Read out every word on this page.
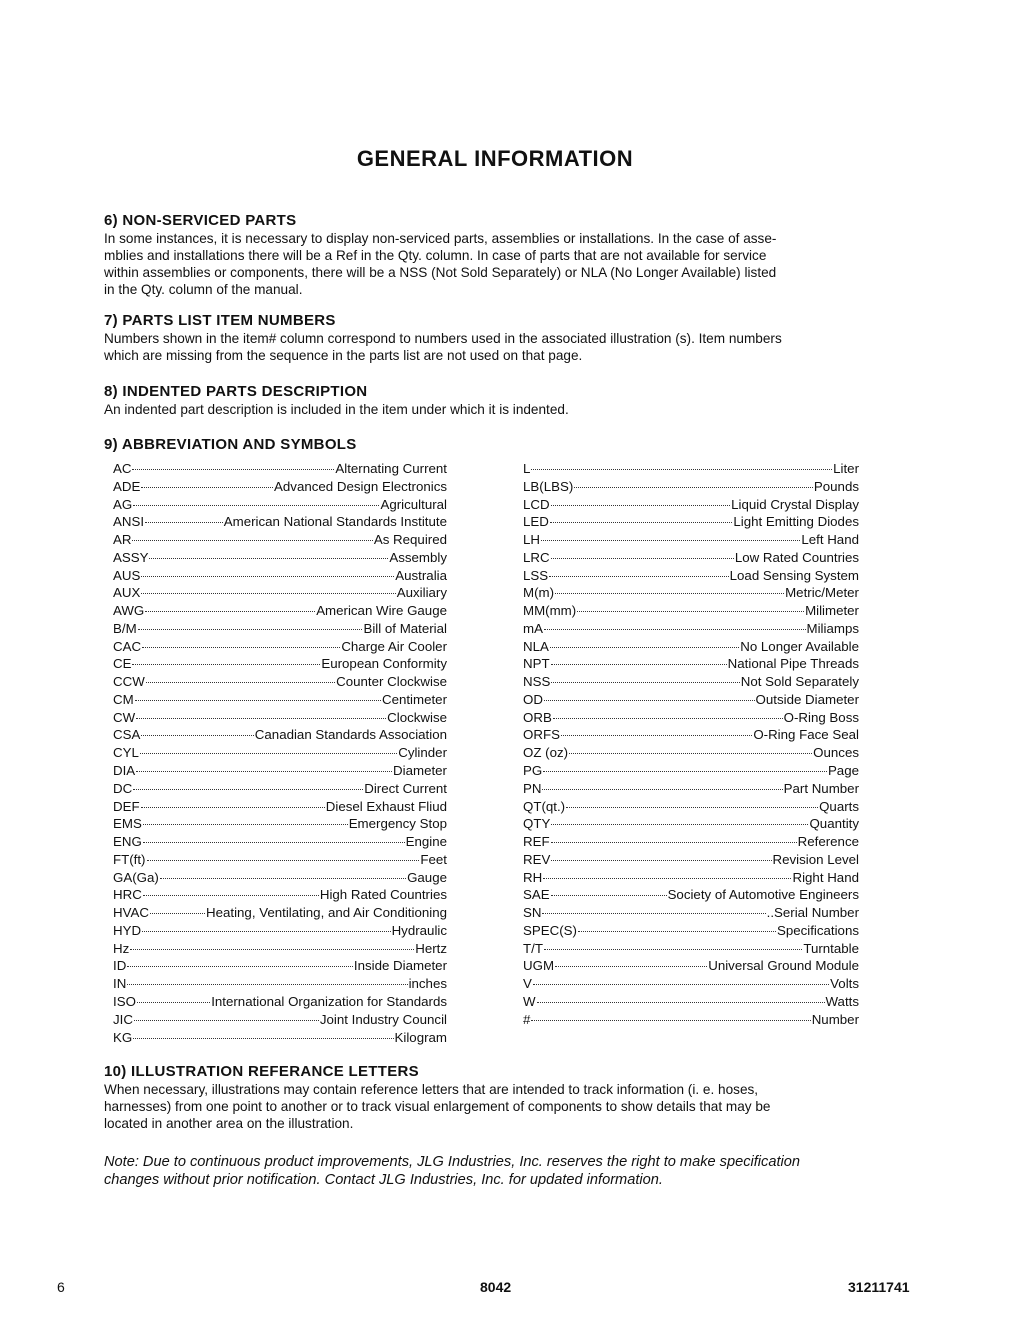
GENERAL INFORMATION
6) NON-SERVICED PARTS
In some instances, it is necessary to display non-serviced parts, assemblies or installations. In the case of asse-
mblies and installations there will be a Ref in the Qty. column. In case of parts that are not available for service
within assemblies or components, there will be a NSS (Not Sold Separately) or NLA (No Longer Available) listed
in the Qty. column of the manual.
7) PARTS LIST ITEM NUMBERS
Numbers shown in the item# column correspond to numbers used in the associated illustration (s). Item numbers
which are missing from the sequence in the parts list are not used on that page.
8) INDENTED PARTS DESCRIPTION
An indented part description is included in the item under which it is indented.
9) ABBREVIATION AND SYMBOLS
AC	Alternating Current
ADE	Advanced Design Electronics
AG	Agricultural
ANSI	American National Standards Institute
AR	As Required
ASSY	Assembly
AUS	Australia
AUX	Auxiliary
AWG	American Wire Gauge
B/M	Bill of Material
CAC	Charge Air Cooler
CE	European Conformity
CCW	Counter Clockwise
CM	Centimeter
CW	Clockwise
CSA	Canadian Standards Association
CYL	Cylinder
DIA	Diameter
DC	Direct Current
DEF	Diesel Exhaust Fliud
EMS	Emergency Stop
ENG	Engine
FT(ft)	Feet
GA(Ga)	Gauge
HRC	High Rated Countries
HVAC	Heating, Ventilating, and Air Conditioning
HYD	Hydraulic
Hz	Hertz
ID	Inside Diameter
IN	inches
ISO	International Organization for Standards
JIC	Joint Industry Council
KG	Kilogram
L	Liter
LB(LBS)	Pounds
LCD	Liquid Crystal Display
LED	Light Emitting Diodes
LH	Left Hand
LRC	Low Rated Countries
LSS	Load Sensing System
M(m)	Metric/Meter
MM(mm)	Milimeter
mA	Miliamps
NLA	No Longer Available
NPT	National Pipe Threads
NSS	Not Sold Separately
OD	Outside Diameter
ORB	O-Ring Boss
ORFS	O-Ring Face Seal
OZ (oz)	Ounces
PG	Page
PN	Part Number
QT(qt.)	Quarts
QTY	Quantity
REF	Reference
REV	Revision Level
RH	Right Hand
SAE	Society of Automotive Engineers
SN	..Serial Number
SPEC(S)	Specifications
T/T	Turntable
UGM	Universal Ground Module
V	Volts
W	Watts
#	Number
10) ILLUSTRATION REFERANCE LETTERS
When necessary, illustrations may contain reference letters that are intended to track information (i. e. hoses,
harnesses) from one point to another or to track visual enlargement of components to show details that may be
located in another area on the illustration.
Note: Due to continuous product improvements, JLG Industries, Inc. reserves the right to make specification
changes without prior notification. Contact JLG Industries, Inc. for updated information.
6	8042	31211741
